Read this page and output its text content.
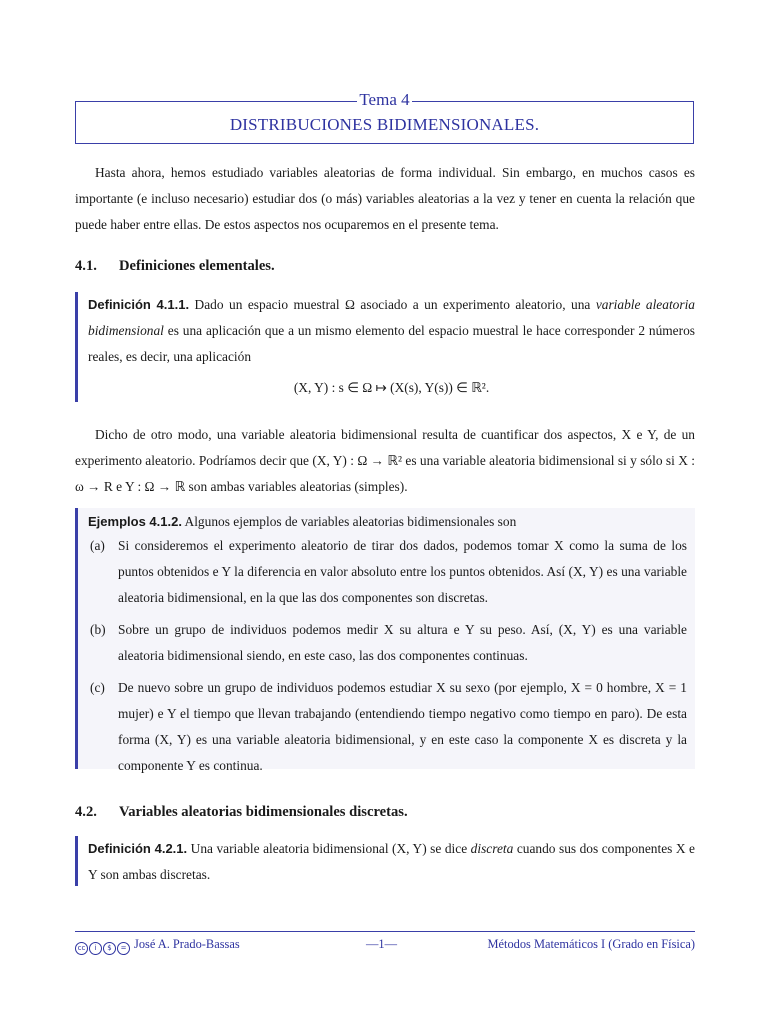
Tema 4
DISTRIBUCIONES BIDIMENSIONALES.

Hasta ahora, hemos estudiado variables aleatorias de forma individual. Sin embargo, en muchos casos es importante (e incluso necesario) estudiar dos (o más) variables aleatorias a la vez y tener en cuenta la relación que puede haber entre ellas. De estos aspectos nos ocuparemos en el presente tema.

4.1. Definiciones elementales.

Definición 4.1.1. Dado un espacio muestral Ω asociado a un experimento aleatorio, una variable aleatoria bidimensional es una aplicación que a un mismo elemento del espacio muestral le hace corresponder 2 números reales, es decir, una aplicación

(X, Y) : s ∈ Ω ↦ (X(s), Y(s)) ∈ ℝ².

Dicho de otro modo, una variable aleatoria bidimensional resulta de cuantificar dos aspectos, X e Y, de un experimento aleatorio. Podríamos decir que (X, Y) : Ω → ℝ² es una variable aleatoria bidimensional si y sólo si X : ω → R e Y : Ω → ℝ son ambas variables aleatorias (simples).

Ejemplos 4.1.2. Algunos ejemplos de variables aleatorias bidimensionales son

(a) Si consideremos el experimento aleatorio de tirar dos dados, podemos tomar X como la suma de los puntos obtenidos e Y la diferencia en valor absoluto entre los puntos obtenidos. Así (X, Y) es una variable aleatoria bidimensional, en la que las dos componentes son discretas.
(b) Sobre un grupo de individuos podemos medir X su altura e Y su peso. Así, (X, Y) es una variable aleatoria bidimensional siendo, en este caso, las dos componentes continuas.
(c) De nuevo sobre un grupo de individuos podemos estudiar X su sexo (por ejemplo, X = 0 hombre, X = 1 mujer) e Y el tiempo que llevan trabajando (entendiendo tiempo negativo como tiempo en paro). De esta forma (X, Y) es una variable aleatoria bidimensional, y en este caso la componente X es discreta y la componente Y es continua.
4.2. Variables aleatorias bidimensionales discretas.

Definición 4.2.1. Una variable aleatoria bidimensional (X, Y) se dice discreta cuando sus dos componentes X e Y son ambas discretas.

cc i $ = José A. Prado-Bassas	—1—	Métodos Matemáticos I (Grado en Física)
